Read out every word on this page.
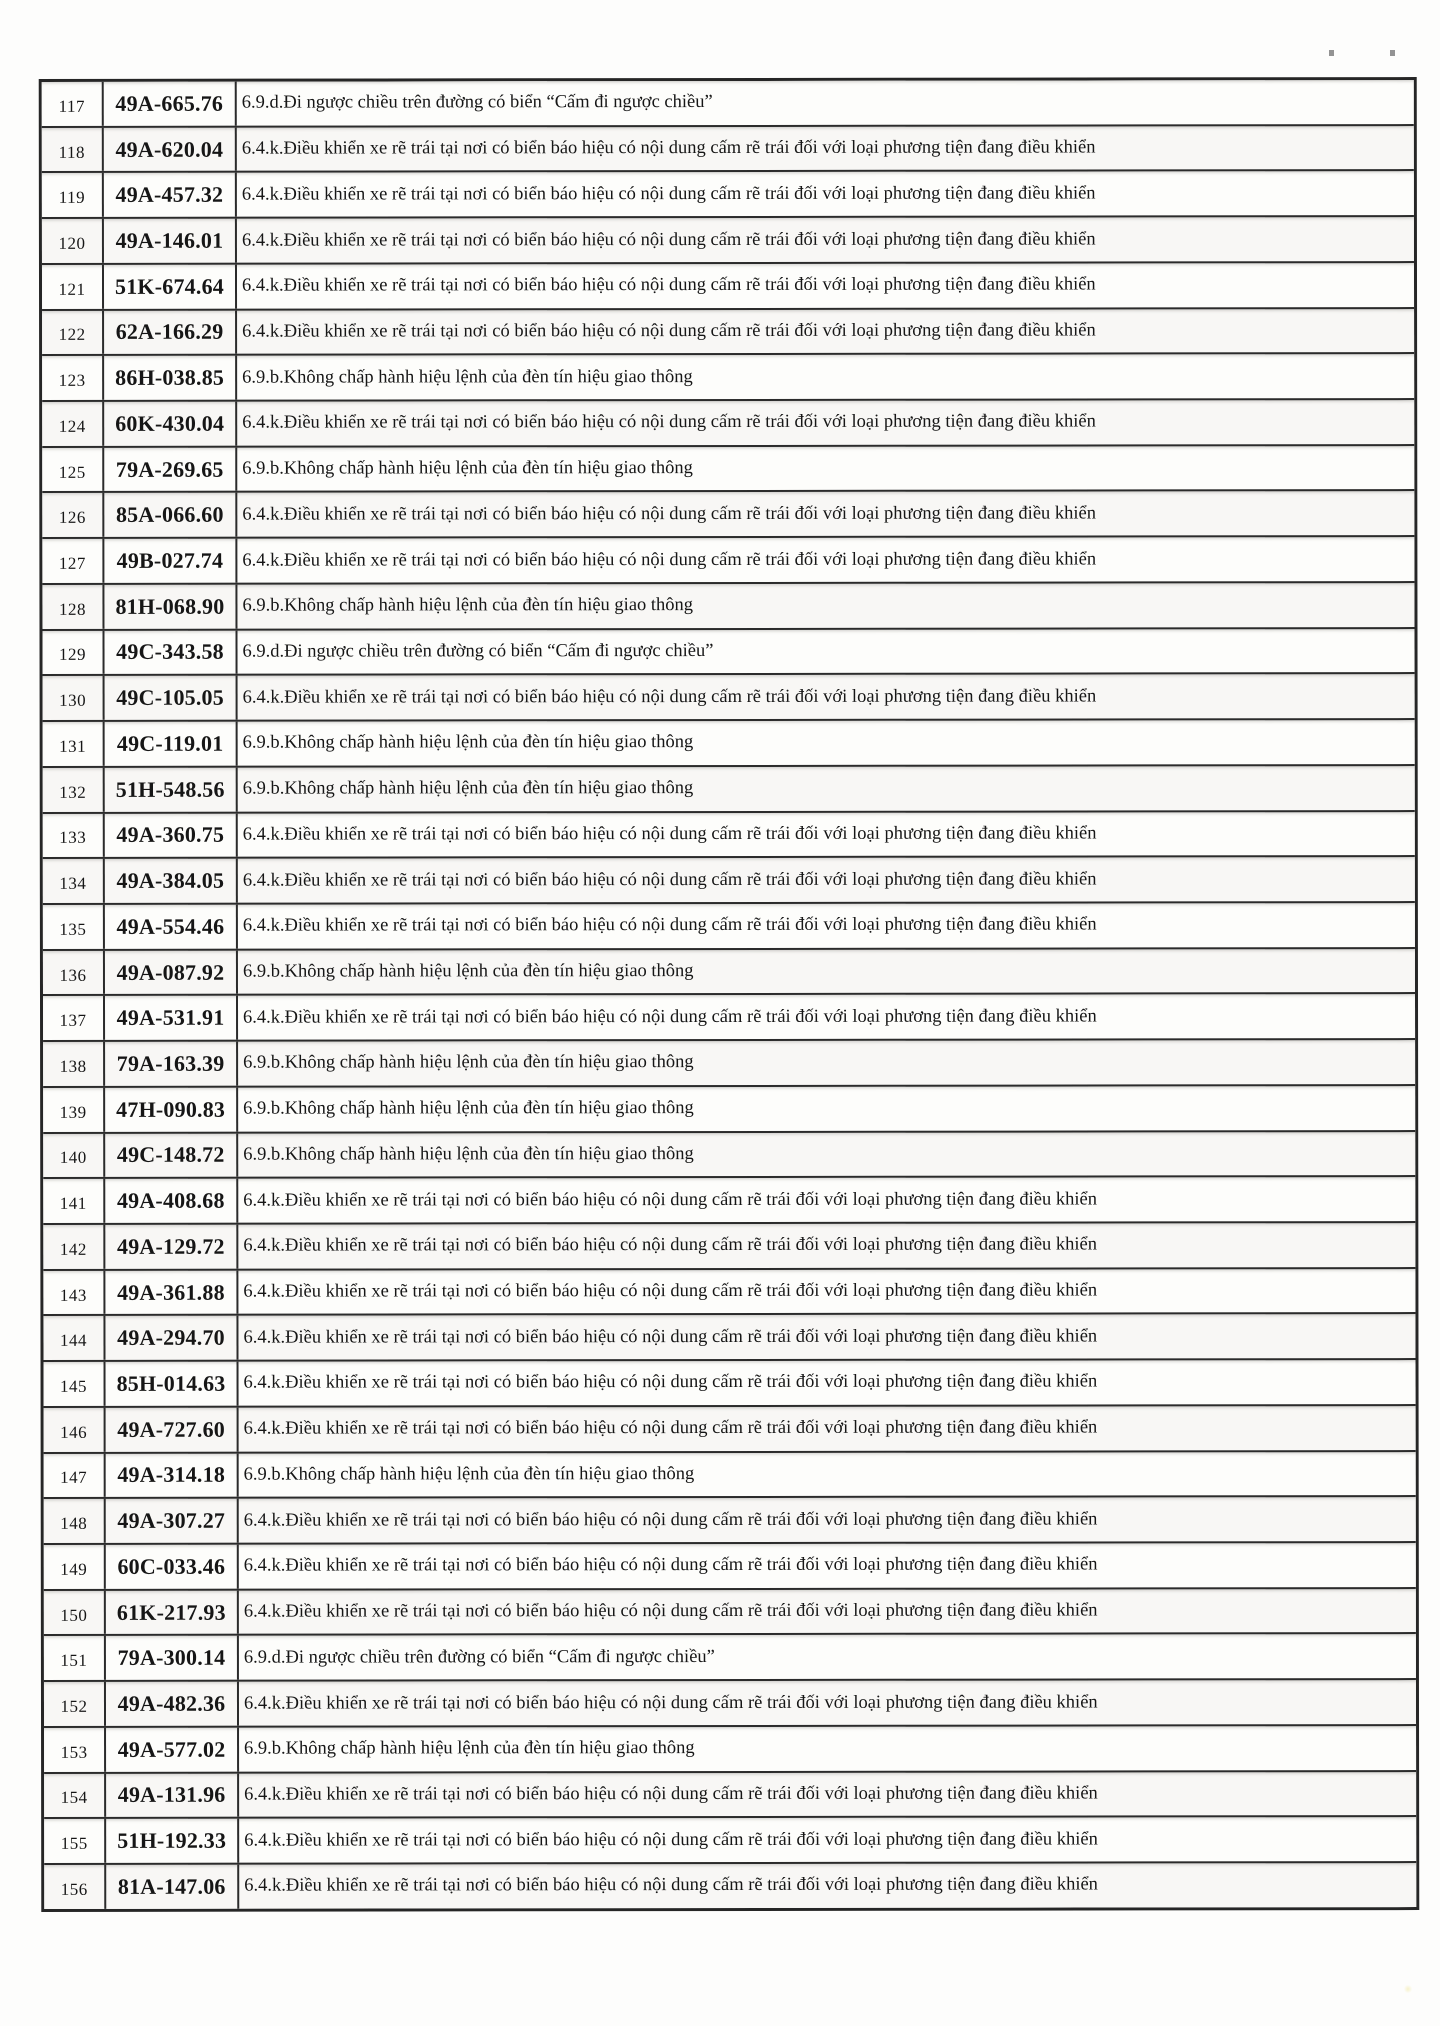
117	49A-665.76	6.9.d.Đi ngược chiều trên đường có biển “Cấm đi ngược chiều”
118	49A-620.04	6.4.k.Điều khiển xe rẽ trái tại nơi có biển báo hiệu có nội dung cấm rẽ trái đối với loại phương tiện đang điều khiển
119	49A-457.32	6.4.k.Điều khiển xe rẽ trái tại nơi có biển báo hiệu có nội dung cấm rẽ trái đối với loại phương tiện đang điều khiển
120	49A-146.01	6.4.k.Điều khiển xe rẽ trái tại nơi có biển báo hiệu có nội dung cấm rẽ trái đối với loại phương tiện đang điều khiển
121	51K-674.64 6.4.k.Điều khiển xe rẽ trái tại nơi có biển báo hiệu có nội dung cấm rẽ trái đối với loại phương tiện đang điều khiển
122	62A-166.29	6.4.k.Điều khiển xe rẽ trái tại nơi có biển báo hiệu có nội dung cấm rẽ trái đối với loại phương tiện đang điều khiển
123	86H-038.85 6.9.b.Không chấp hành hiệu lệnh của đèn tín hiệu giao thông
124	60K-430.04 6.4.k.Điều khiển xe rẽ trái tại nơi có biển báo hiệu có nội dung cấm rẽ trái đối với loại phương tiện đang điều khiển
125	79A-269.65	6.9.b.Không chấp hành hiệu lệnh của đèn tín hiệu giao thông
126	85A-066.60	6.4.k.Điều khiển xe rẽ trái tại nơi có biển báo hiệu có nội dung cấm rẽ trái đối với loại phương tiện đang điều khiển
127	49B-027.74	6.4.k.Điều khiển xe rẽ trái tại nơi có biển báo hiệu có nội dung cấm rẽ trái đối với loại phương tiện đang điều khiển
128	81H-068.90 6.9.b.Không chấp hành hiệu lệnh của đèn tín hiệu giao thông
129	49C-343.58	6.9.d.Đi ngược chiều trên đường có biển “Cấm đi ngược chiều”
130	49C-105.05	6.4.k.Điều khiển xe rẽ trái tại nơi có biển báo hiệu có nội dung cấm rẽ trái đối với loại phương tiện đang điều khiển
131	49C-119.01	6.9.b.Không chấp hành hiệu lệnh của đèn tín hiệu giao thông
132	51H-548.56 6.9.b.Không chấp hành hiệu lệnh của đèn tín hiệu giao thông
133	49A-360.75	6.4.k.Điều khiển xe rẽ trái tại nơi có biển báo hiệu có nội dung cấm rẽ trái đối với loại phương tiện đang điều khiển
134	49A-384.05	6.4.k.Điều khiển xe rẽ trái tại nơi có biển báo hiệu có nội dung cấm rẽ trái đối với loại phương tiện đang điều khiển
135	49A-554.46	6.4.k.Điều khiển xe rẽ trái tại nơi có biển báo hiệu có nội dung cấm rẽ trái đối với loại phương tiện đang điều khiển
136	49A-087.92	6.9.b.Không chấp hành hiệu lệnh của đèn tín hiệu giao thông
137	49A-531.91	6.4.k.Điều khiển xe rẽ trái tại nơi có biển báo hiệu có nội dung cấm rẽ trái đối với loại phương tiện đang điều khiển
138	79A-163.39	6.9.b.Không chấp hành hiệu lệnh của đèn tín hiệu giao thông
139	47H-090.83 6.9.b.Không chấp hành hiệu lệnh của đèn tín hiệu giao thông
140	49C-148.72	6.9.b.Không chấp hành hiệu lệnh của đèn tín hiệu giao thông
141	49A-408.68	6.4.k.Điều khiển xe rẽ trái tại nơi có biển báo hiệu có nội dung cấm rẽ trái đối với loại phương tiện đang điều khiển
142	49A-129.72	6.4.k.Điều khiển xe rẽ trái tại nơi có biển báo hiệu có nội dung cấm rẽ trái đối với loại phương tiện đang điều khiển
143	49A-361.88	6.4.k.Điều khiển xe rẽ trái tại nơi có biển báo hiệu có nội dung cấm rẽ trái đối với loại phương tiện đang điều khiển
144	49A-294.70	6.4.k.Điều khiển xe rẽ trái tại nơi có biển báo hiệu có nội dung cấm rẽ trái đối với loại phương tiện đang điều khiển
145	85H-014.63 6.4.k.Điều khiển xe rẽ trái tại nơi có biển báo hiệu có nội dung cấm rẽ trái đối với loại phương tiện đang điều khiển
146	49A-727.60	6.4.k.Điều khiển xe rẽ trái tại nơi có biển báo hiệu có nội dung cấm rẽ trái đối với loại phương tiện đang điều khiển
147	49A-314.18	6.9.b.Không chấp hành hiệu lệnh của đèn tín hiệu giao thông
148	49A-307.27	6.4.k.Điều khiển xe rẽ trái tại nơi có biển báo hiệu có nội dung cấm rẽ trái đối với loại phương tiện đang điều khiển
149	60C-033.46	6.4.k.Điều khiển xe rẽ trái tại nơi có biển báo hiệu có nội dung cấm rẽ trái đối với loại phương tiện đang điều khiển
150	61K-217.93 6.4.k.Điều khiển xe rẽ trái tại nơi có biển báo hiệu có nội dung cấm rẽ trái đối với loại phương tiện đang điều khiển
151	79A-300.14	6.9.d.Đi ngược chiều trên đường có biển “Cấm đi ngược chiều”
152	49A-482.36	6.4.k.Điều khiển xe rẽ trái tại nơi có biển báo hiệu có nội dung cấm rẽ trái đối với loại phương tiện đang điều khiển
153	49A-577.02	6.9.b.Không chấp hành hiệu lệnh của đèn tín hiệu giao thông
154	49A-131.96	6.4.k.Điều khiển xe rẽ trái tại nơi có biển báo hiệu có nội dung cấm rẽ trái đối với loại phương tiện đang điều khiển
155	51H-192.33 6.4.k.Điều khiển xe rẽ trái tại nơi có biển báo hiệu có nội dung cấm rẽ trái đối với loại phương tiện đang điều khiển
156	81A-147.06	6.4.k.Điều khiển xe rẽ trái tại nơi có biển báo hiệu có nội dung cấm rẽ trái đối với loại phương tiện đang điều khiển
